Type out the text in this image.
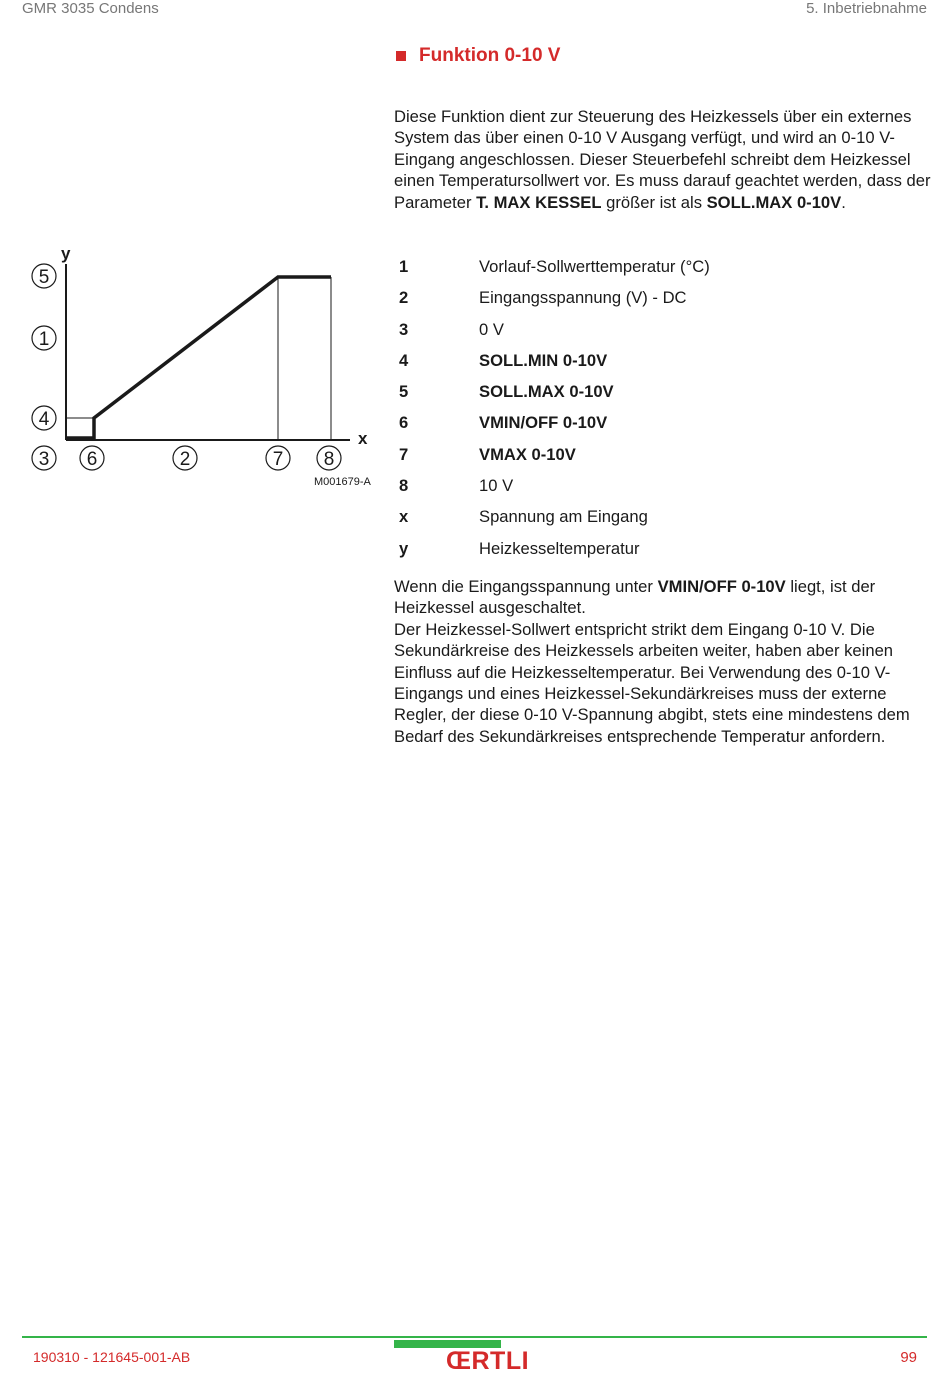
GMR 3035 Condens	5. Inbetriebnahme
Funktion 0-10 V
Diese Funktion dient zur Steuerung des Heizkessels über ein externes System das über einen 0-10 V Ausgang verfügt, und wird an 0-10 V-Eingang angeschlossen. Dieser Steuerbefehl schreibt dem Heizkessel einen Temperatursollwert vor. Es muss darauf geachtet werden, dass der Parameter T. MAX KESSEL größer ist als SOLL.MAX 0-10V.
y
x
M001679-A
5
1
4
3 6	2	7 8
1	Vorlauf-Sollwerttemperatur (°C)
2	Eingangsspannung (V) - DC
3	0 V
4	SOLL.MIN 0-10V
5	SOLL.MAX 0-10V
6	VMIN/OFF 0-10V
7	VMAX 0-10V
8	10 V
x	Spannung am Eingang
y	Heizkesseltemperatur

Wenn die Eingangsspannung unter VMIN/OFF 0-10V liegt, ist der Heizkessel ausgeschaltet.

Der Heizkessel-Sollwert entspricht strikt dem Eingang 0-10 V. Die Sekundärkreise des Heizkessels arbeiten weiter, haben aber keinen Einfluss auf die Heizkesseltemperatur. Bei Verwendung des 0-10 V-Eingangs und eines Heizkessel-Sekundärkreises muss der externe Regler, der diese 0-10 V-Spannung abgibt, stets eine mindestens dem Bedarf des Sekundärkreises entsprechende Temperatur anfordern.

190310 - 121645-001-AB	ŒRTLI	99
